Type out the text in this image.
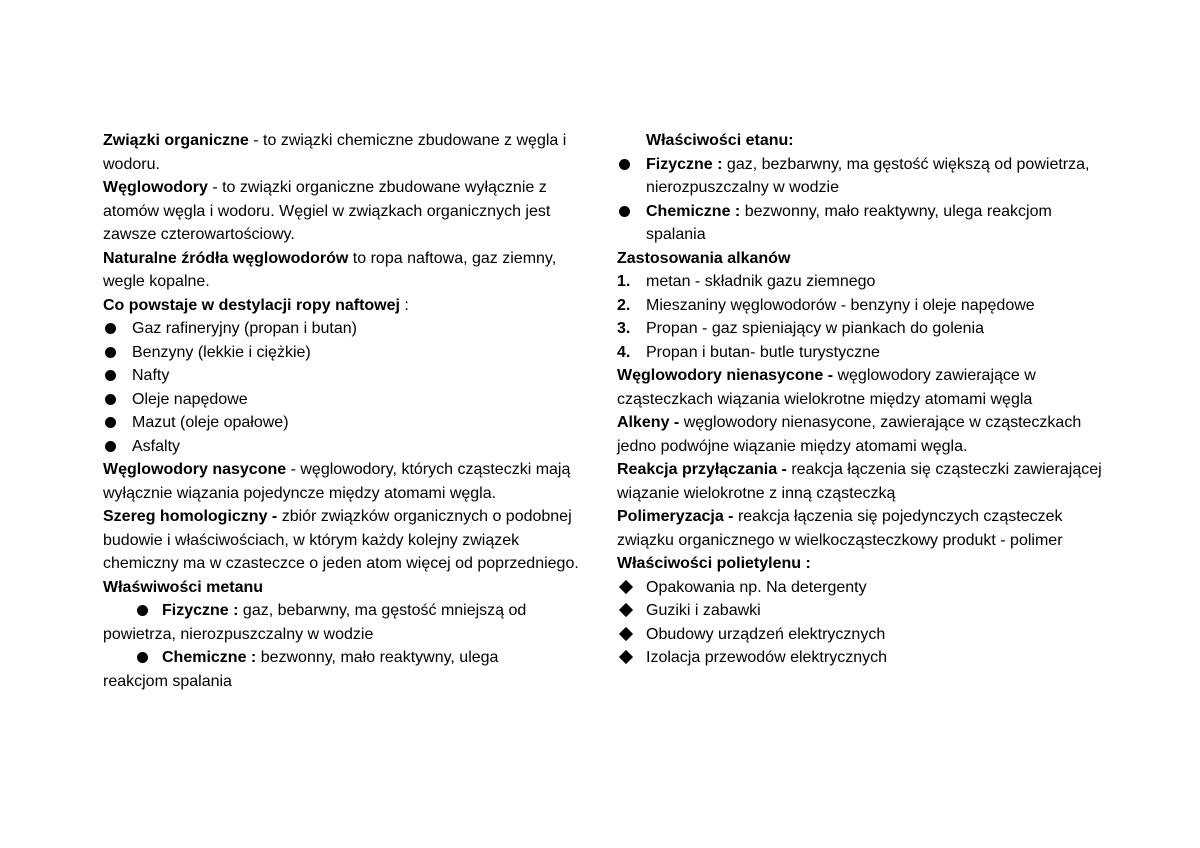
Związki organiczne - to związki chemiczne zbudowane z węgla i wodoru.

Węglowodory - to związki organiczne zbudowane wyłącznie z atomów węgla i wodoru. Węgiel w związkach organicznych jest zawsze czterowartościowy.

Naturalne źródła węglowodorów to ropa naftowa, gaz ziemny, wegle kopalne.

Co powstaje w destylacji ropy naftowej :

Gaz rafineryjny (propan i butan)

Benzyny (lekkie i ciężkie)

Nafty

Oleje napędowe

Mazut (oleje opałowe)

Asfalty

Węglowodory nasycone - węglowodory, których cząsteczki mają wyłącznie wiązania pojedyncze między atomami węgla.

Szereg homologiczny - zbiór związków organicznych o podobnej budowie i właściwościach, w którym każdy kolejny związek chemiczny ma w czasteczce o jeden atom więcej od poprzedniego.

Właświwości metanu

Fizyczne : gaz, bebarwny, ma gęstość mniejszą od

powietrza, nierozpuszczalny w wodzie

Chemiczne : bezwonny, mało reaktywny, ulega

reakcjom spalania

Właściwości etanu:

Fizyczne : gaz, bezbarwny, ma gęstość większą od powietrza, nierozpuszczalny w wodzie

Chemiczne : bezwonny, mało reaktywny, ulega reakcjom spalania

Zastosowania alkanów

1. metan - składnik gazu ziemnego

2. Mieszaniny węglowodorów - benzyny i oleje napędowe

3. Propan - gaz spieniający w piankach do golenia

4. Propan i butan- butle turystyczne

Węglowodory nienasycone - węglowodory zawierające w cząsteczkach wiązania wielokrotne między atomami węgla

Alkeny - węglowodory nienasycone, zawierające w cząsteczkach jedno podwójne wiązanie między atomami węgla.

Reakcja przyłączania - reakcja łączenia się cząsteczki zawierającej wiązanie wielokrotne z inną cząsteczką

Polimeryzacja - reakcja łączenia się pojedynczych cząsteczek związku organicznego w wielkocząsteczkowy produkt - polimer

Właściwości polietylenu :

Opakowania np. Na detergenty

Guziki i zabawki

Obudowy urządzeń elektrycznych

Izolacja przewodów elektrycznych
